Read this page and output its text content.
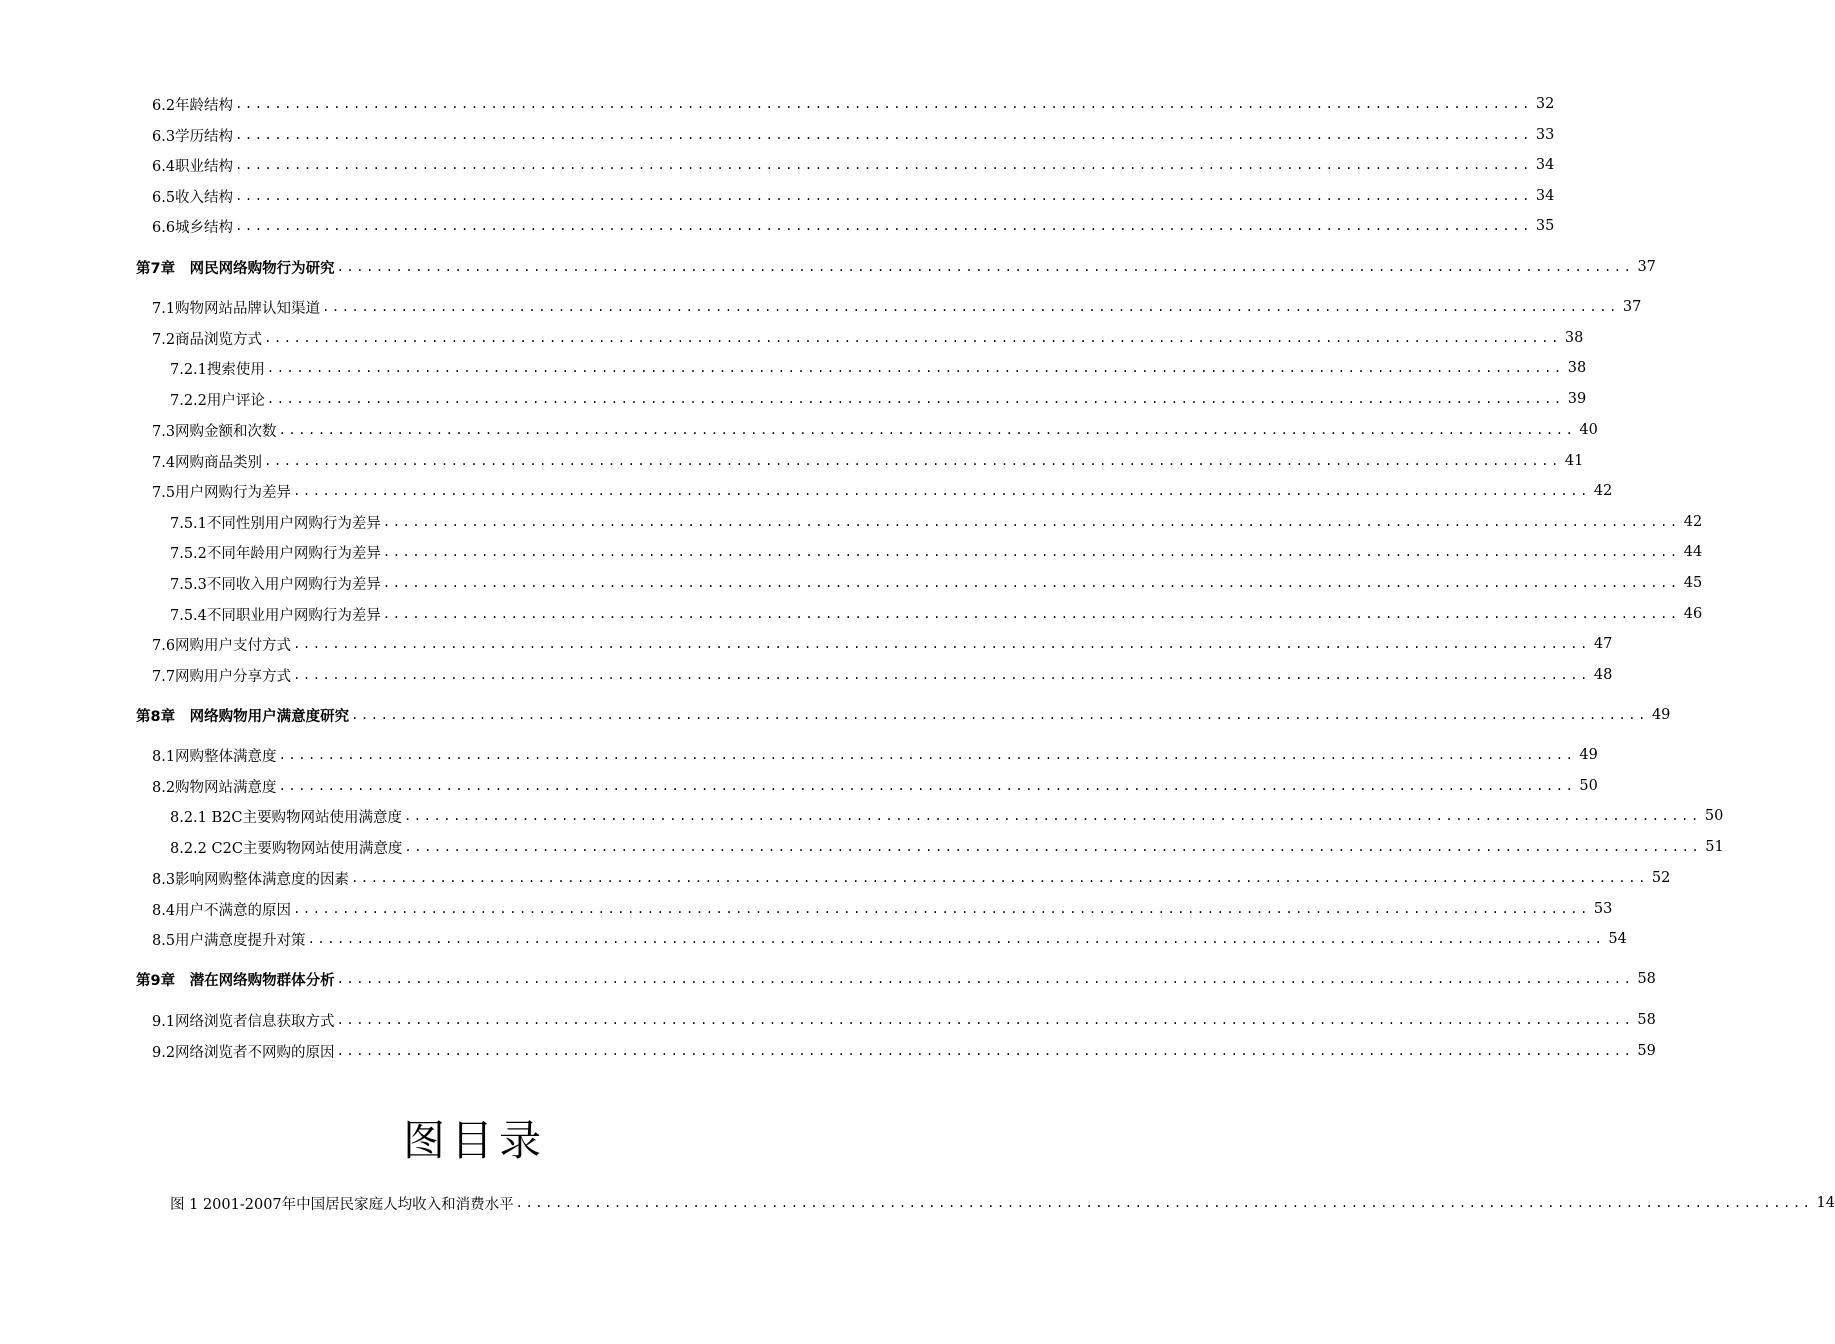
6.2年龄结构 .................................................................................................................................... 32
6.3学历结构 .................................................................................................................................... 33
6.4职业结构 .................................................................................................................................... 34
6.5收入结构 .................................................................................................................................... 34
6.6城乡结构 .................................................................................................................................... 35
第7章　网民网络购物行为研究 .................................................................................................................................... 37
7.1购物网站品牌认知渠道 .................................................................................................................................... 37
7.2商品浏览方式 .................................................................................................................................... 38
7.2.1搜索使用 .................................................................................................................................... 38
7.2.2用户评论 .................................................................................................................................... 39
7.3网购金额和次数 .................................................................................................................................... 40
7.4网购商品类别 .................................................................................................................................... 41
7.5用户网购行为差异 .................................................................................................................................... 42
7.5.1不同性别用户网购行为差异 .................................................................................................................................... 42
7.5.2不同年龄用户网购行为差异 .................................................................................................................................... 44
7.5.3不同收入用户网购行为差异 .................................................................................................................................... 45
7.5.4不同职业用户网购行为差异 .................................................................................................................................... 46
7.6网购用户支付方式 .................................................................................................................................... 47
7.7网购用户分享方式 .................................................................................................................................... 48
第8章　网络购物用户满意度研究 .................................................................................................................................... 49
8.1网购整体满意度 .................................................................................................................................... 49
8.2购物网站满意度 .................................................................................................................................... 50
8.2.1 B2C主要购物网站使用满意度 .................................................................................................................................... 50
8.2.2 C2C主要购物网站使用满意度 .................................................................................................................................... 51
8.3影响网购整体满意度的因素 .................................................................................................................................... 52
8.4用户不满意的原因 .................................................................................................................................... 53
8.5用户满意度提升对策 .................................................................................................................................... 54
第9章　潜在网络购物群体分析 .................................................................................................................................... 58
9.1网络浏览者信息获取方式 .................................................................................................................................... 58
9.2网络浏览者不网购的原因 .................................................................................................................................... 59
图目录
图 1 2001-2007年中国居民家庭人均收入和消费水平 .................................................................................................................................... 14
